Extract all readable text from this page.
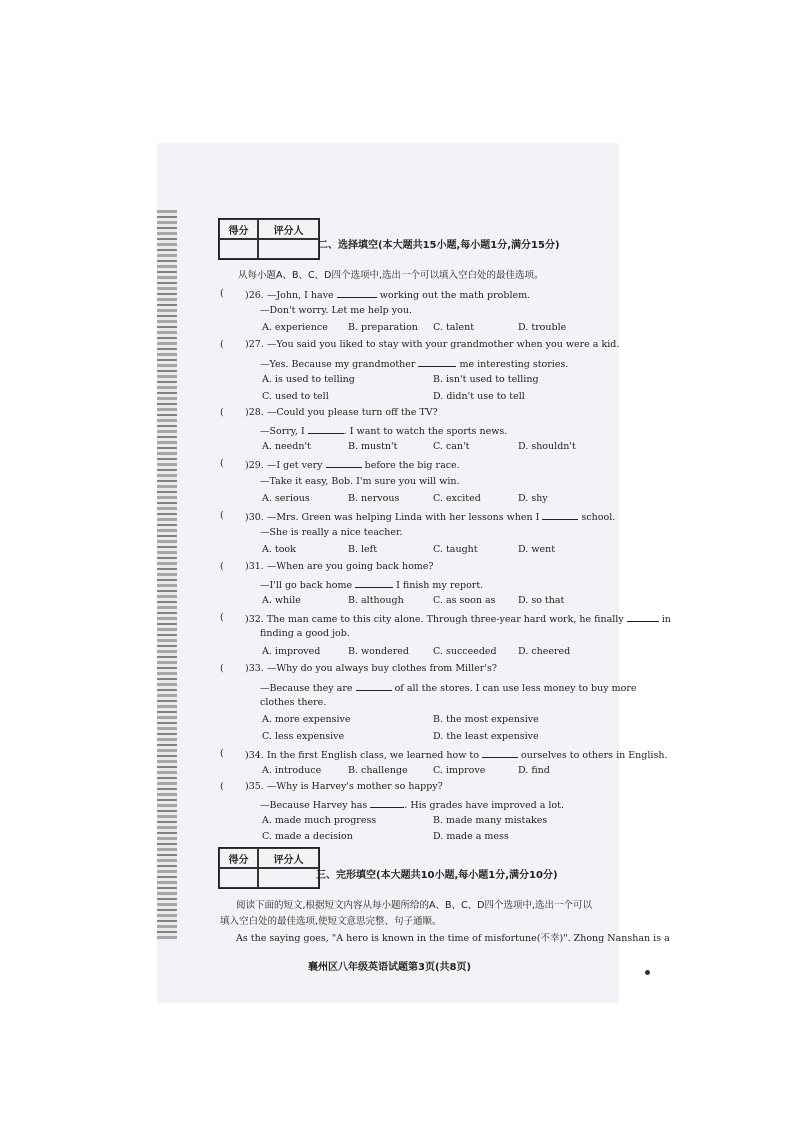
得分	评分人
二、选择填空(本大题共15小题,每小题1分,满分15分)
从每小题A、B、C、D四个选项中,选出一个可以填入空白处的最佳选项。
( )26. —John, I have	working out the math problem.
—Don't worry. Let me help you.
A. experience B. preparation C. talent	D. trouble
( )27. —You said you liked to stay with your grandmother when you were a kid.
—Yes. Because my grandmother	me interesting stories.
A. is used to telling	B. isn't used to telling
C. used to tell	D. didn't use to tell
( )28. —Could you please turn off the TV?
—Sorry, I	. I want to watch the sports news.
A. needn't	B. mustn't	C. can't	D. shouldn't
( )29. —I get very	before the big race.
—Take it easy, Bob. I'm sure you will win.
A. serious	B. nervous	C. excited	D. shy
( )30. —Mrs. Green was helping Linda with her lessons when I	school.
—She is really a nice teacher.
A. took	B. left	C. taught	D. went
( )31. —When are you going back home?
—I'll go back home	I finish my report.
A. while	B. although	C. as soon as D. so that
( )32. The man came to this city alone. Through three-year hard work, he finally	in
finding a good job.
A. improved	B. wondered	C. succeeded D. cheered
( )33. —Why do you always buy clothes from Miller's?
—Because they are	of all the stores. I can use less money to buy more
clothes there.
A. more expensive	B. the most expensive
C. less expensive	D. the least expensive
( )34. In the first English class, we learned how to	ourselves to others in English.
A. introduce	B. challenge	C. improve	D. find
( )35. —Why is Harvey's mother so happy?
—Because Harvey has	. His grades have improved a lot.
A. made much progress	B. made many mistakes
C. made a decision	D. made a mess
得分	评分人
三、完形填空(本大题共10小题,每小题1分,满分10分)
阅读下面的短文,根据短文内容从每小题所给的A、B、C、D四个选项中,选出一个可以
填入空白处的最佳选项,使短文意思完整、句子通顺。
As the saying goes, "A hero is known in the time of misfortune(不幸)". Zhong Nanshan is a
襄州区八年级英语试题第3页(共8页)
